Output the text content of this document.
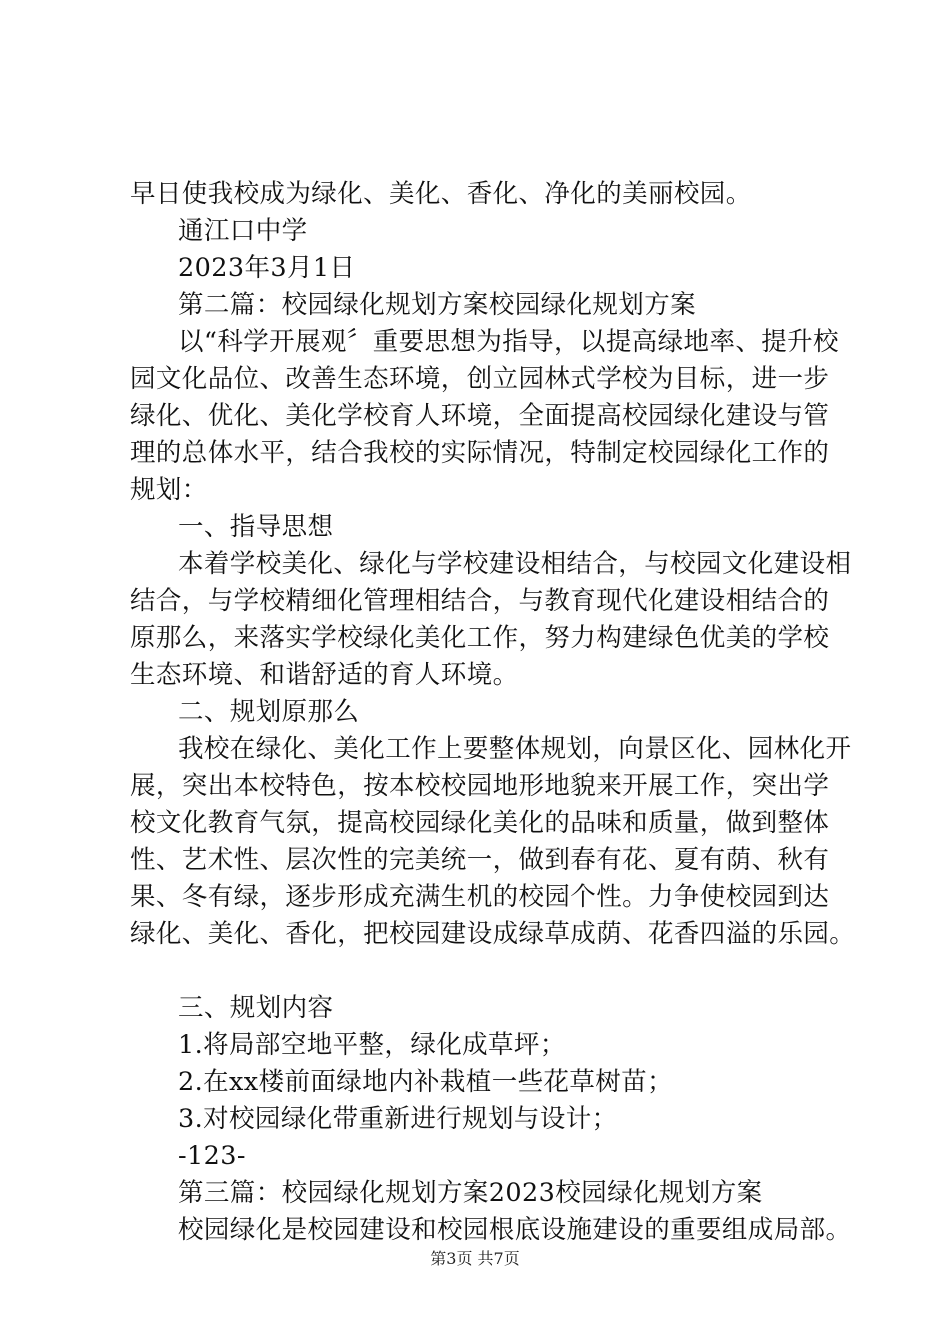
早日使我校成为绿化、美化、香化、净化的美丽校园。
通江口中学
2023年3月1日
第二篇：校园绿化规划方案校园绿化规划方案
以“科学开展观〞重要思想为指导，以提高绿地率、提升校
园文化品位、改善生态环境，创立园林式学校为目标，进一步
绿化、优化、美化学校育人环境，全面提高校园绿化建设与管
理的总体水平，结合我校的实际情况，特制定校园绿化工作的
规划：
一、指导思想
本着学校美化、绿化与学校建设相结合，与校园文化建设相
结合，与学校精细化管理相结合，与教育现代化建设相结合的
原那么，来落实学校绿化美化工作，努力构建绿色优美的学校
生态环境、和谐舒适的育人环境。
二、规划原那么
我校在绿化、美化工作上要整体规划，向景区化、园林化开
展，突出本校特色，按本校校园地形地貌来开展工作，突出学
校文化教育气氛，提高校园绿化美化的品味和质量，做到整体
性、艺术性、层次性的完美统一，做到春有花、夏有荫、秋有
果、冬有绿，逐步形成充满生机的校园个性。力争使校园到达
绿化、美化、香化，把校园建设成绿草成荫、花香四溢的乐园。
三、规划内容
1.将局部空地平整，绿化成草坪；
2.在xx楼前面绿地内补栽植一些花草树苗；
3.对校园绿化带重新进行规划与设计；
-123-
第三篇：校园绿化规划方案2023校园绿化规划方案
校园绿化是校园建设和校园根底设施建设的重要组成局部。
第3页 共7页
